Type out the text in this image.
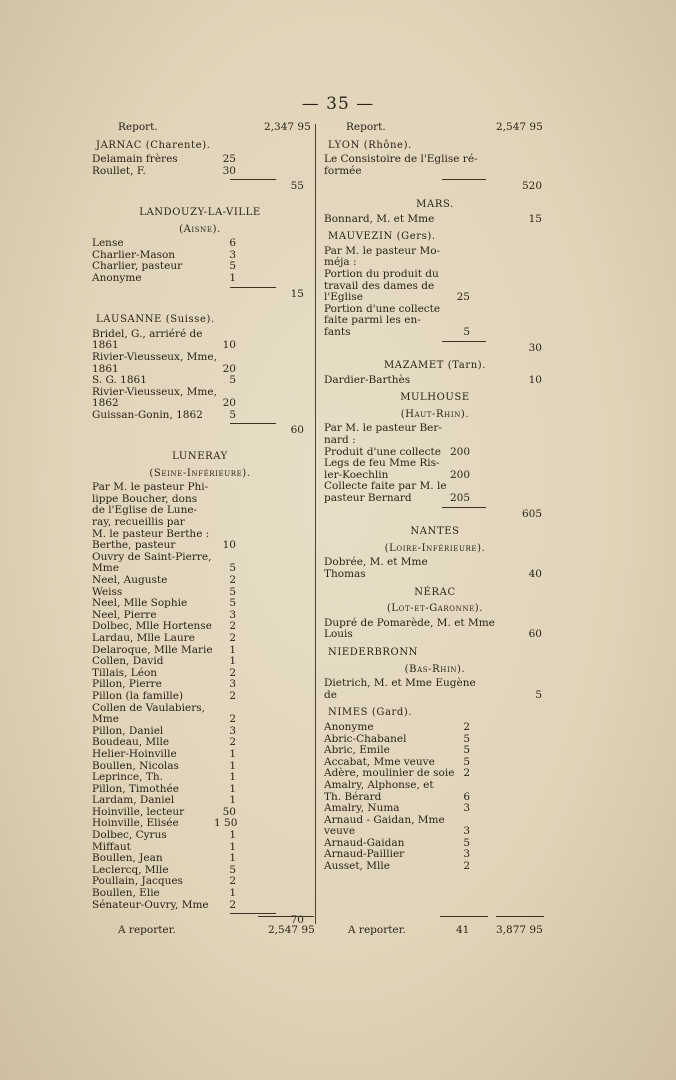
— 35 —
Report.	2,347 95
JARNAC (Charente).
Delamain frères	25
Roullet, F.	30
55
LANDOUZY-LA-VILLE
(Aisne).
Lense	6
Charlier-Mason	3
Charlier, pasteur	5
Anonyme	1
15
LAUSANNE (Suisse).
Bridel, G., arriéré de
1861	10
Rivier-Vieusseux, Mme,
1861	20
S. G. 1861	5
Rivier-Vieusseux, Mme,
1862	20
Guissan-Gonin, 1862	5
60
LUNERAY
(Seine-Inférieure).
Par M. le pasteur Phi-
lippe Boucher, dons
de l'Eglise de Lune-
ray, recueillis par
M. le pasteur Berthe :
Berthe, pasteur	10
Ouvry de Saint-Pierre,
Mme	5
Neel, Auguste	2
Weiss	5
Neel, Mlle Sophie	5
Neel, Pierre	3
Dolbec, Mlle Hortense	2
Lardau, Mlle Laure	2
Delaroque, Mlle Marie	1
Collen, David	1
Tillais, Léon	2
Pillon, Pierre	3
Pillon (la famille)	2
Collen de Vaulabiers,
Mme	2
Pillon, Daniel	3
Boudeau, Mlle	2
Helier-Hoinville	1
Boullen, Nicolas	1
Leprince, Th.	1
Pillon, Timothée	1
Lardam, Daniel	1
Hoinville, lecteur	50
Hoinville, Elisée	1 50
Dolbec, Cyrus	1
Miffaut	1
Boullen, Jean	1
Leclercq, Mlle	5
Poullain, Jacques	2
Boullen, Elie	1
Sénateur-Ouvry, Mme	2
70
Report.	2,547 95
LYON (Rhône).
Le Consistoire de l'Eglise ré-
formée
520
MARS.
Bonnard, M. et Mme	15
MAUVEZIN (Gers).
Par M. le pasteur Mo-
méja :
Portion du produit du
travail des dames de
l'Eglise	25
Portion d'une collecte
faite parmi les en-
fants	5
30
MAZAMET (Tarn).
Dardier-Barthès	10
MULHOUSE
(Haut-Rhin).
Par M. le pasteur Ber-
nard :
Produit d'une collecte 200
Legs de feu Mme Ris-
ler-Koechlin	200
Collecte faite par M. le
pasteur Bernard	205
605
NANTES
(Loire-Inférieure).
Dobrée, M. et Mme
Thomas	40
NÉRAC
(Lot-et-Garonne).
Dupré de Pomarède, M. et Mme
Louis	60
NIEDERBRONN
(Bas-Rhin).
Dietrich, M. et Mme Eugène
de	5
NIMES (Gard).
Anonyme	2
Abric-Chabanel	5
Abric, Emile	5
Accabat, Mme veuve	5
Adère, moulinier de soie 2
Amalry, Alphonse, et
Th. Bérard	6
Amalry, Numa	3
Arnaud - Gaidan, Mme
veuve	3
Arnaud-Gaidan	5
Arnaud-Paillier	3
Ausset, Mlle	2
A reporter.	2,547 95	A reporter.	41	3,877 95
